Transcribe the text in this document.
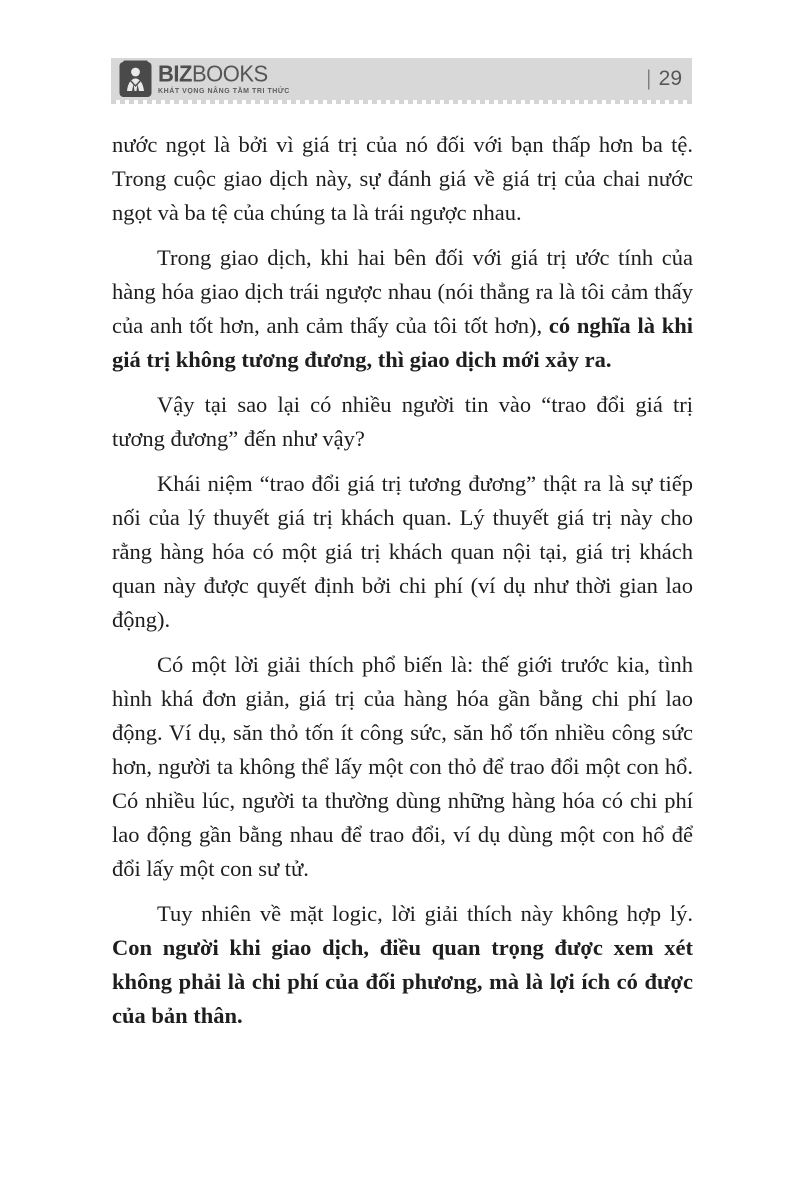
BIZBOOKS
KHÁT VỌNG NÂNG TẦM TRI THỨC
| 29

nước ngọt là bởi vì giá trị của nó đối với bạn thấp hơn ba tệ. Trong cuộc giao dịch này, sự đánh giá về giá trị của chai nước ngọt và ba tệ của chúng ta là trái ngược nhau.

Trong giao dịch, khi hai bên đối với giá trị ước tính của hàng hóa giao dịch trái ngược nhau (nói thẳng ra là tôi cảm thấy của anh tốt hơn, anh cảm thấy của tôi tốt hơn), có nghĩa là khi giá trị không tương đương, thì giao dịch mới xảy ra.

Vậy tại sao lại có nhiều người tin vào “trao đổi giá trị tương đương” đến như vậy?

Khái niệm “trao đổi giá trị tương đương” thật ra là sự tiếp nối của lý thuyết giá trị khách quan. Lý thuyết giá trị này cho rằng hàng hóa có một giá trị khách quan nội tại, giá trị khách quan này được quyết định bởi chi phí (ví dụ như thời gian lao động).

Có một lời giải thích phổ biến là: thế giới trước kia, tình hình khá đơn giản, giá trị của hàng hóa gần bằng chi phí lao động. Ví dụ, săn thỏ tốn ít công sức, săn hổ tốn nhiều công sức hơn, người ta không thể lấy một con thỏ để trao đổi một con hổ. Có nhiều lúc, người ta thường dùng những hàng hóa có chi phí lao động gần bằng nhau để trao đổi, ví dụ dùng một con hổ để đổi lấy một con sư tử.

Tuy nhiên về mặt logic, lời giải thích này không hợp lý. Con người khi giao dịch, điều quan trọng được xem xét không phải là chi phí của đối phương, mà là lợi ích có được của bản thân.
